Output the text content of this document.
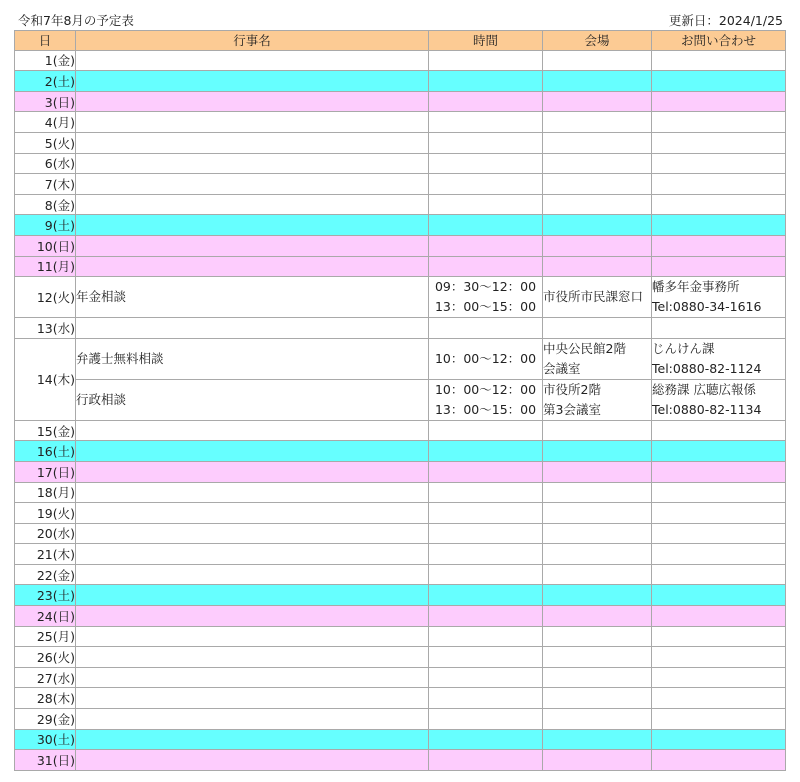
令和7年8月の予定表	更新日：2024/1/25
日	行事名	時間	会場	お問い合わせ
1(金)				
2(土)				
3(日)				
4(月)				
5(火)				
6(水)				
7(木)				
8(金)				
9(土)				
10(日)				
11(月)				
12(火)	年金相談	09：30～12：00
13：00～15：00	市役所市民課窓口	幡多年金事務所
Tel:0880-34-1616

13(水)				
14(木)	弁護士無料相談	10：00～12：00	中央公民館2階
会議室	じんけん課
Tel:0880-82-1124

	行政相談	10：00～12：00
13：00～15：00	市役所2階
第3会議室	総務課 広聴広報係
Tel:0880-82-1134

15(金)				
16(土)				
17(日)				
18(月)				
19(火)				
20(水)				
21(木)				
22(金)				
23(土)				
24(日)				
25(月)				
26(火)				
27(水)				
28(木)				
29(金)				
30(土)				
31(日)				
